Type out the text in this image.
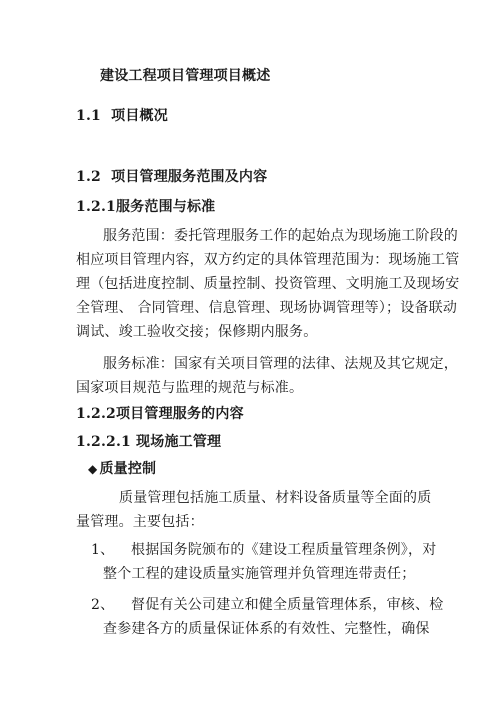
建设工程项目管理项目概述
1.1 项目概况
1.2 项目管理服务范围及内容
1.2.1服务范围与标准
服务范围：委托管理服务工作的起始点为现场施工阶段的
相应项目管理内容，双方约定的具体管理范围为：现场施工管
理（包括进度控制、质量控制、投资管理、文明施工及现场安
全管理、 合同管理、信息管理、现场协调管理等）；设备联动
调试、竣工验收交接；保修期内服务。
服务标准：国家有关项目管理的法律、法规及其它规定，
国家项目规范与监理的规范与标准。
1.2.2项目管理服务的内容
1.2.2.1 现场施工管理
◆ 质量控制
质量管理包括施工质量、材料设备质量等全面的质
量管理。主要包括：
1、 根据国务院颁布的《建设工程质量管理条例》，对
整个工程的建设质量实施管理并负管理连带责任；
2、 督促有关公司建立和健全质量管理体系，审核、检
查参建各方的质量保证体系的有效性、完整性，确保
